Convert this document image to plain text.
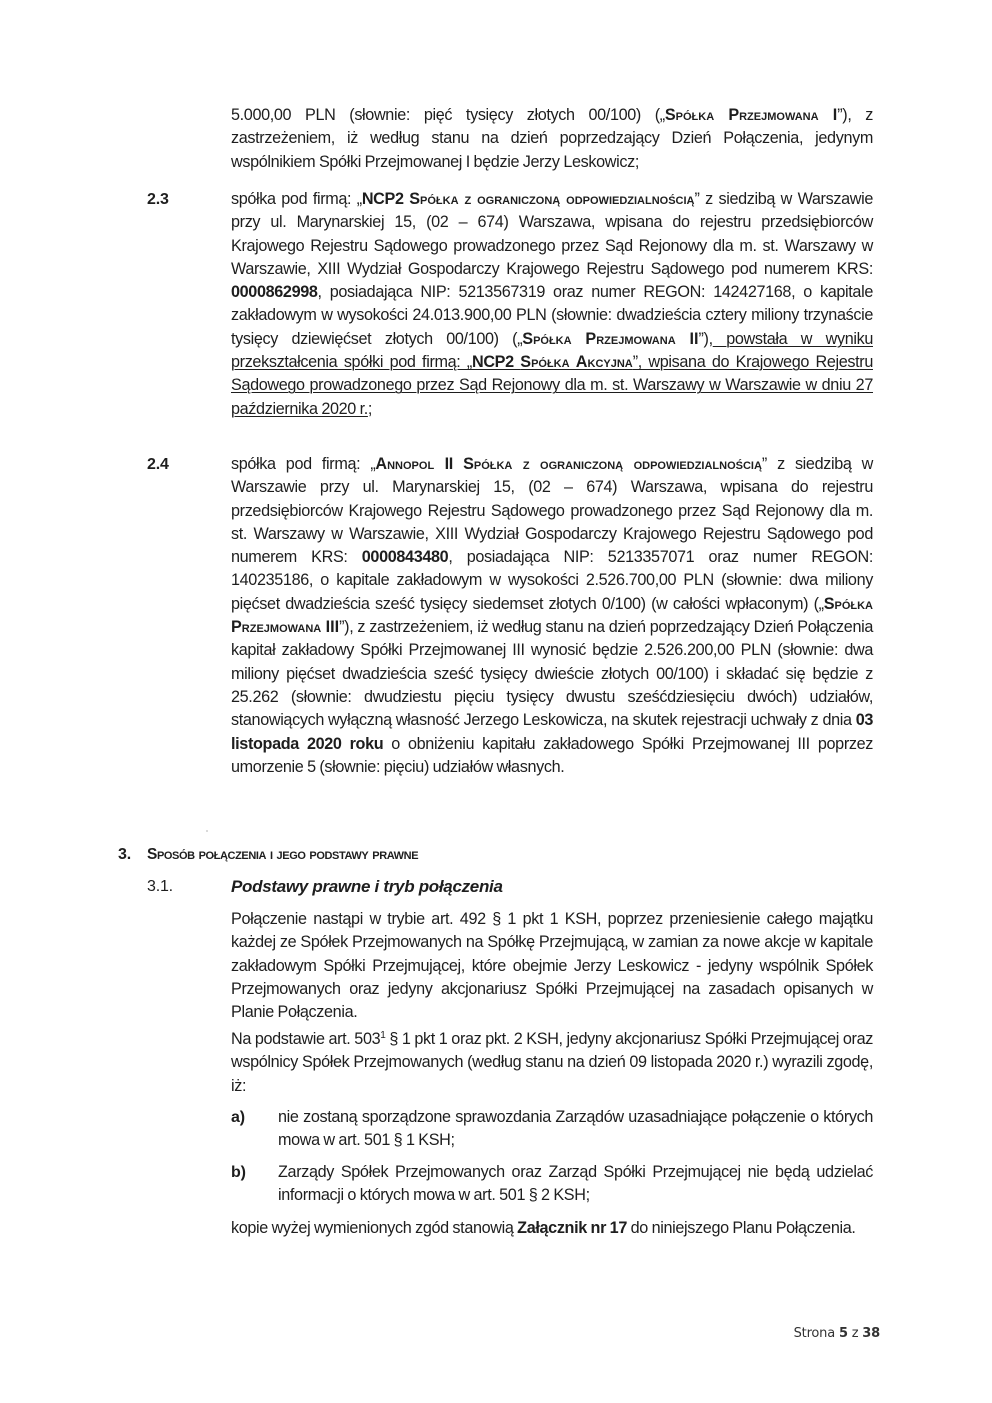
5.000,00 PLN (słownie: pięć tysięcy złotych 00/100) („Spółka Przejmowana I”), z zastrzeżeniem, iż według stanu na dzień poprzedzający Dzień Połączenia, jedynym wspólnikiem Spółki Przejmowanej I będzie Jerzy Leskowicz;
2.3	spółka pod firmą: „NCP2 Spółka z ograniczoną odpowiedzialnością” z siedzibą w Warszawie przy ul. Marynarskiej 15, (02 – 674) Warszawa, wpisana do rejestru przedsiębiorców Krajowego Rejestru Sądowego prowadzonego przez Sąd Rejonowy dla m. st. Warszawy w Warszawie, XIII Wydział Gospodarczy Krajowego Rejestru Sądowego pod numerem KRS: 0000862998, posiadająca NIP: 5213567319 oraz numer REGON: 142427168, o kapitale zakładowym w wysokości 24.013.900,00 PLN (słownie: dwadzieścia cztery miliony trzynaście tysięcy dziewięćset złotych 00/100) („Spółka Przejmowana II”), powstała w wyniku przekształcenia spółki pod firmą: „NCP2 Spółka Akcyjna”, wpisana do Krajowego Rejestru Sądowego prowadzonego przez Sąd Rejonowy dla m. st. Warszawy w Warszawie w dniu 27 października 2020 r.;
2.4	spółka pod firmą: „Annopol II Spółka z ograniczoną odpowiedzialnością” z siedzibą w Warszawie przy ul. Marynarskiej 15, (02 – 674) Warszawa, wpisana do rejestru przedsiębiorców Krajowego Rejestru Sądowego prowadzonego przez Sąd Rejonowy dla m. st. Warszawy w Warszawie, XIII Wydział Gospodarczy Krajowego Rejestru Sądowego pod numerem KRS: 0000843480, posiadająca NIP: 5213357071 oraz numer REGON: 140235186, o kapitale zakładowym w wysokości 2.526.700,00 PLN (słownie: dwa miliony pięćset dwadzieścia sześć tysięcy siedemset złotych 0/100) (w całości wpłaconym) („Spółka Przejmowana III”), z zastrzeżeniem, iż według stanu na dzień poprzedzający Dzień Połączenia kapitał zakładowy Spółki Przejmowanej III wynosić będzie 2.526.200,00 PLN (słownie: dwa miliony pięćset dwadzieścia sześć tysięcy dwieście złotych 00/100) i składać się będzie z 25.262 (słownie: dwudziestu pięciu tysięcy dwustu sześćdziesięciu dwóch) udziałów, stanowiących wyłączną własność Jerzego Leskowicza, na skutek rejestracji uchwały z dnia 03 listopada 2020 roku o obniżeniu kapitału zakładowego Spółki Przejmowanej III poprzez umorzenie 5 (słownie: pięciu) udziałów własnych.
3. Sposób połączenia i jego podstawy prawne
3.1.	Podstawy prawne i tryb połączenia
Połączenie nastąpi w trybie art. 492 § 1 pkt 1 KSH, poprzez przeniesienie całego majątku każdej ze Spółek Przejmowanych na Spółkę Przejmującą, w zamian za nowe akcje w kapitale zakładowym Spółki Przejmującej, które obejmie Jerzy Leskowicz - jedyny wspólnik Spółek Przejmowanych oraz jedyny akcjonariusz Spółki Przejmującej na zasadach opisanych w Planie Połączenia.
Na podstawie art. $503^1$ § 1 pkt 1 oraz pkt. 2 KSH, jedyny akcjonariusz Spółki Przejmującej oraz wspólnicy Spółek Przejmowanych (według stanu na dzień 09 listopada 2020 r.) wyrazili zgodę, iż:
a) nie zostaną sporządzone sprawozdania Zarządów uzasadniające połączenie o których mowa w art. 501 § 1 KSH;
b) Zarządy Spółek Przejmowanych oraz Zarząd Spółki Przejmującej nie będą udzielać informacji o których mowa w art. 501 § 2 KSH;
kopie wyżej wymienionych zgód stanowią Załącznik nr 17 do niniejszego Planu Połączenia.
Strona 5 z 38
